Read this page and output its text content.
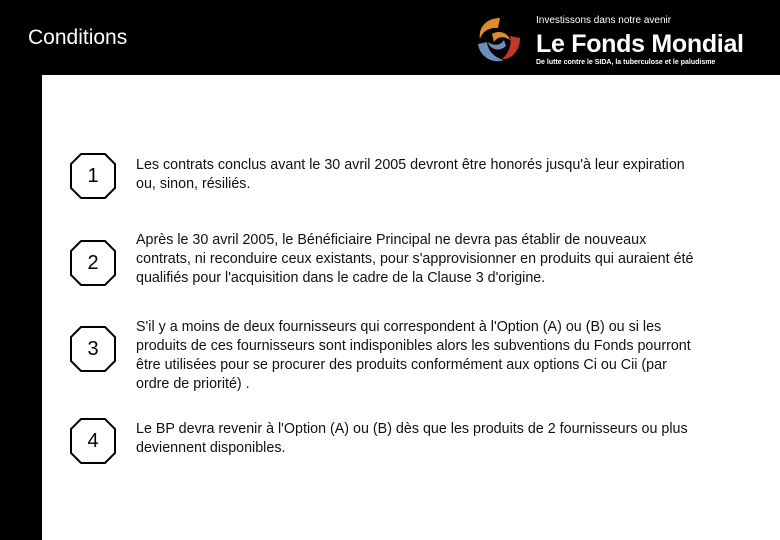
Conditions
Investissons dans notre avenir
Le Fonds Mondial
De lutte contre le SIDA, la tuberculose et le paludisme
1	Les contrats conclus avant le 30 avril 2005 devront être honorés jusqu'à leur expiration ou, sinon, résiliés.
2
Après le 30 avril 2005, le Bénéficiaire Principal ne devra pas établir de nouveaux contrats, ni reconduire ceux existants, pour s'approvisionner en produits qui auraient été qualifiés pour l'acquisition dans le cadre de la Clause 3 d'origine.
3
S'il y a moins de deux fournisseurs qui correspondent à l'Option (A) ou (B) ou si les produits de ces fournisseurs sont indisponibles alors les subventions du Fonds pourront être utilisées pour se procurer des produits conformément aux options Ci ou Cii (par ordre de priorité) .
4
Le BP devra revenir à l'Option (A) ou (B) dès que les produits de 2 fournisseurs ou plus deviennent disponibles.
